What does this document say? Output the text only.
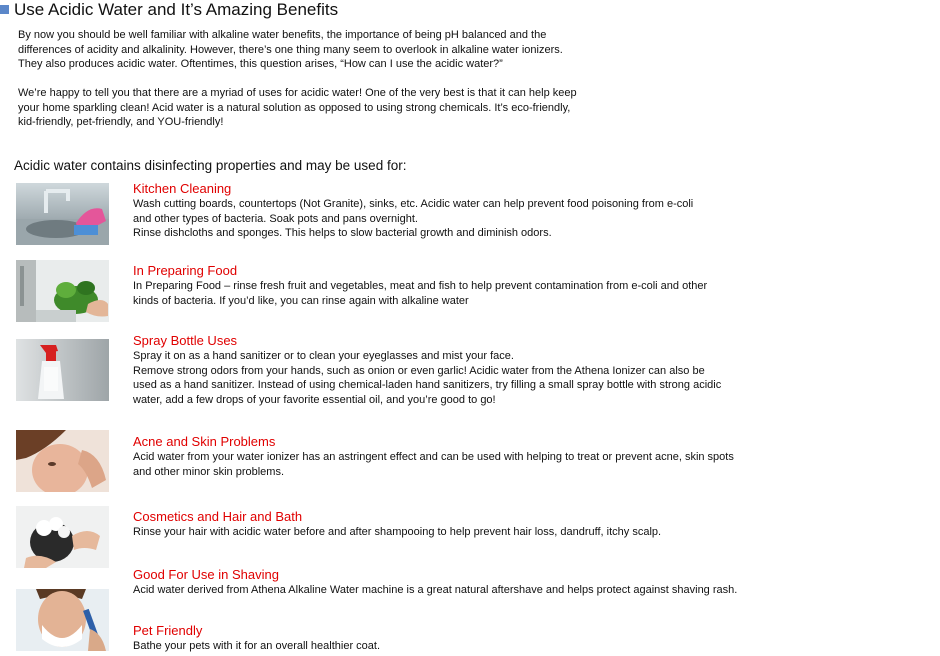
Use Acidic Water and It’s Amazing Benefits

By now you should be well familiar with alkaline water benefits, the importance of being pH balanced and the
differences of acidity and alkalinity. However, there’s one thing many seem to overlook in alkaline water ionizers.
They also produces acidic water. Oftentimes, this question arises, “How can I use the acidic water?”

We’re happy to tell you that there are a myriad of uses for acidic water! One of the very best is that it can help keep
your home sparkling clean! Acid water is a natural solution as opposed to using strong chemicals. It’s eco-friendly,
kid-friendly, pet-friendly, and YOU-friendly!

Acidic water contains disinfecting properties and may be used for:
Kitchen Cleaning

Wash cutting boards, countertops (Not Granite), sinks, etc. Acidic water can help prevent food poisoning from e-coli
and other types of bacteria. Soak pots and pans overnight.
Rinse dishcloths and sponges. This helps to slow bacterial growth and diminish odors.

In Preparing Food

In Preparing Food – rinse fresh fruit and vegetables, meat and fish to help prevent contamination from e-coli and other
kinds of bacteria. If you’d like, you can rinse again with alkaline water

Spray Bottle Uses

Spray it on as a hand sanitizer or to clean your eyeglasses and mist your face.
Remove strong odors from your hands, such as onion or even garlic! Acidic water from the Athena Ionizer can also be
used as a hand sanitizer. Instead of using chemical-laden hand sanitizers, try filling a small spray bottle with strong acidic
water, add a few drops of your favorite essential oil, and you’re good to go!

Acne and Skin Problems

Acid water from your water ionizer has an astringent effect and can be used with helping to treat or prevent acne, skin spots
and other minor skin problems.

Cosmetics and Hair and Bath

Rinse your hair with acidic water before and after shampooing to help prevent hair loss, dandruff, itchy scalp.

Good For Use in Shaving

Acid water derived from Athena Alkaline Water machine is a great natural aftershave and helps protect against shaving rash.

Pet Friendly

Bathe your pets with it for an overall healthier coat.
